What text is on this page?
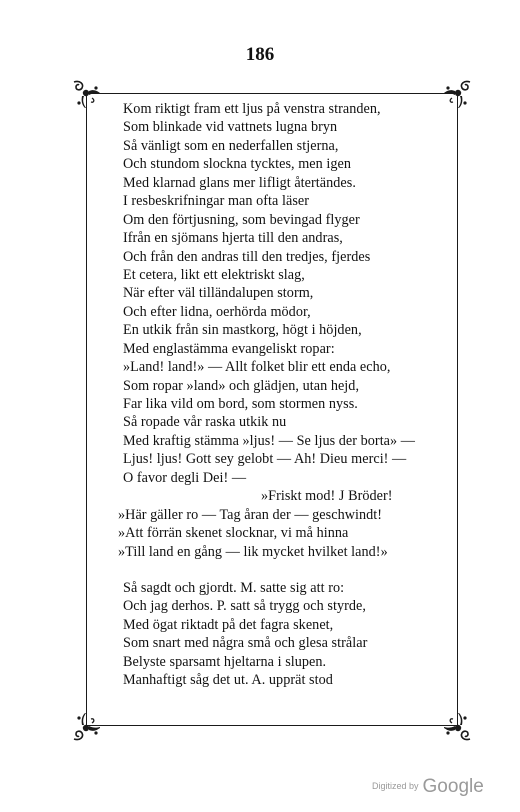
186
Kom riktigt fram ett ljus på venstra stranden,
Som blinkade vid vattnets lugna bryn
Så vänligt som en nederfallen stjerna,
Och stundom slockna tycktes, men igen
Med klarnad glans mer lifligt återtändes.
I resbeskrifningar man ofta läser
Om den förtjusning, som bevingad flyger
Ifrån en sjömans hjerta till den andras,
Och från den andras till den tredjes, fjerdes
Et cetera, likt ett elektriskt slag,
När efter väl tilländalupen storm,
Och efter lidna, oerhörda mödor,
En utkik från sin mastkorg, högt i höjden,
Med englastämma evangeliskt ropar:
»Land! land!» — Allt folket blir ett enda echo,
Som ropar »land» och glädjen, utan hejd,
Far lika vild om bord, som stormen nyss.
Så ropade vår raska utkik nu
Med kraftig stämma »ljus! — Se ljus der borta» —
Ljus! ljus! Gott sey gelobt — Ah! Dieu merci! —
O favor degli Dei! —
»Friskt mod! J Bröder!
»Här gäller ro — Tag åran der — geschwindt!
»Att förrän skenet slocknar, vi må hinna
»Till land en gång — lik mycket hvilket land!»
Så sagdt och gjordt. M. satte sig att ro:
Och jag derhos. P. satt så trygg och styrde,
Med ögat riktadt på det fagra skenet,
Som snart med några små och glesa strålar
Belyste sparsamt hjeltarna i slupen.
Manhaftigt såg det ut. A. upprät stod
Digitized by Google
